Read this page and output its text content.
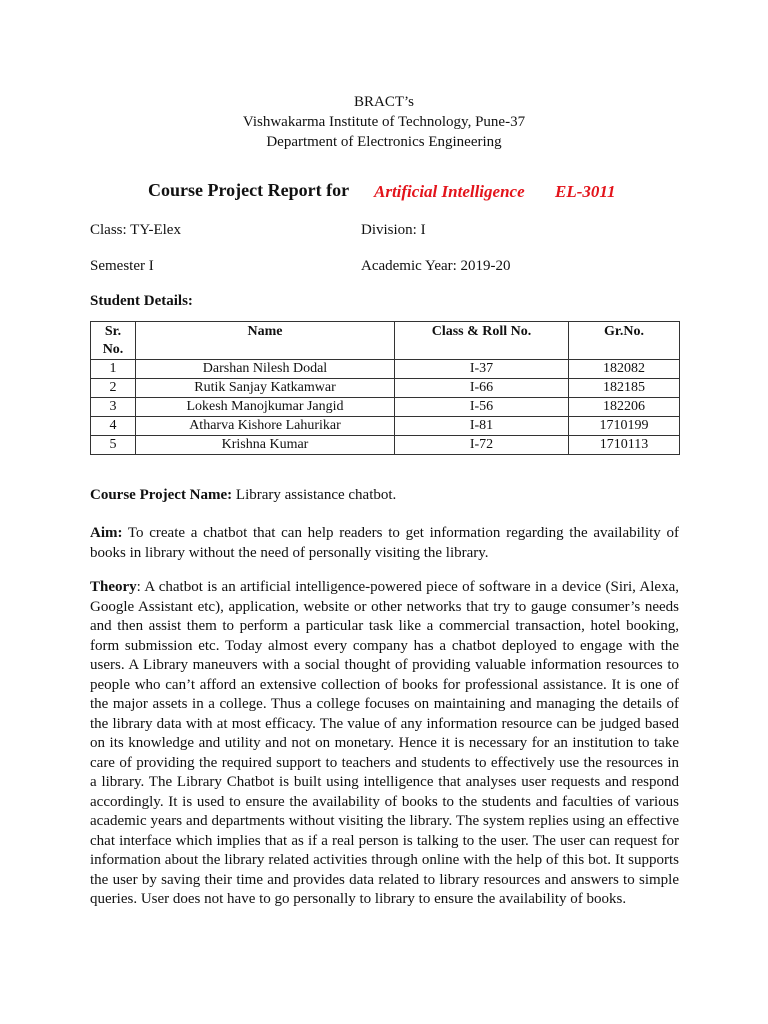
BRACT’s
Vishwakarma Institute of Technology, Pune-37
Department of Electronics Engineering
Course Project Report for Artificial Intelligence EL-3011
Class: TY-Elex	Division: I
Semester I	Academic Year: 2019-20
Student Details:
Sr. No.	Name	Class & Roll No.	Gr.No.
1	Darshan Nilesh Dodal	I-37	182082
2	Rutik Sanjay Katkamwar	I-66	182185
3	Lokesh Manojkumar Jangid	I-56	182206
4	Atharva Kishore Lahurikar	I-81	1710199
5	Krishna Kumar	I-72	1710113
Course Project Name: Library assistance chatbot.
Aim: To create a chatbot that can help readers to get information regarding the availability of books in library without the need of personally visiting the library.
Theory: A chatbot is an artificial intelligence-powered piece of software in a device (Siri, Alexa, Google Assistant etc), application, website or other networks that try to gauge consumer’s needs and then assist them to perform a particular task like a commercial transaction, hotel booking, form submission etc. Today almost every company has a chatbot deployed to engage with the users. A Library maneuvers with a social thought of providing valuable information resources to people who can’t afford an extensive collection of books for professional assistance. It is one of the major assets in a college. Thus a college focuses on maintaining and managing the details of the library data with at most efficacy. The value of any information resource can be judged based on its knowledge and utility and not on monetary. Hence it is necessary for an institution to take care of providing the required support to teachers and students to effectively use the resources in a library. The Library Chatbot is built using intelligence that analyses user requests and respond accordingly. It is used to ensure the availability of books to the students and faculties of various academic years and departments without visiting the library. The system replies using an effective chat interface which implies that as if a real person is talking to the user. The user can request for information about the library related activities through online with the help of this bot. It supports the user by saving their time and provides data related to library resources and answers to simple queries. User does not have to go personally to library to ensure the availability of books.
